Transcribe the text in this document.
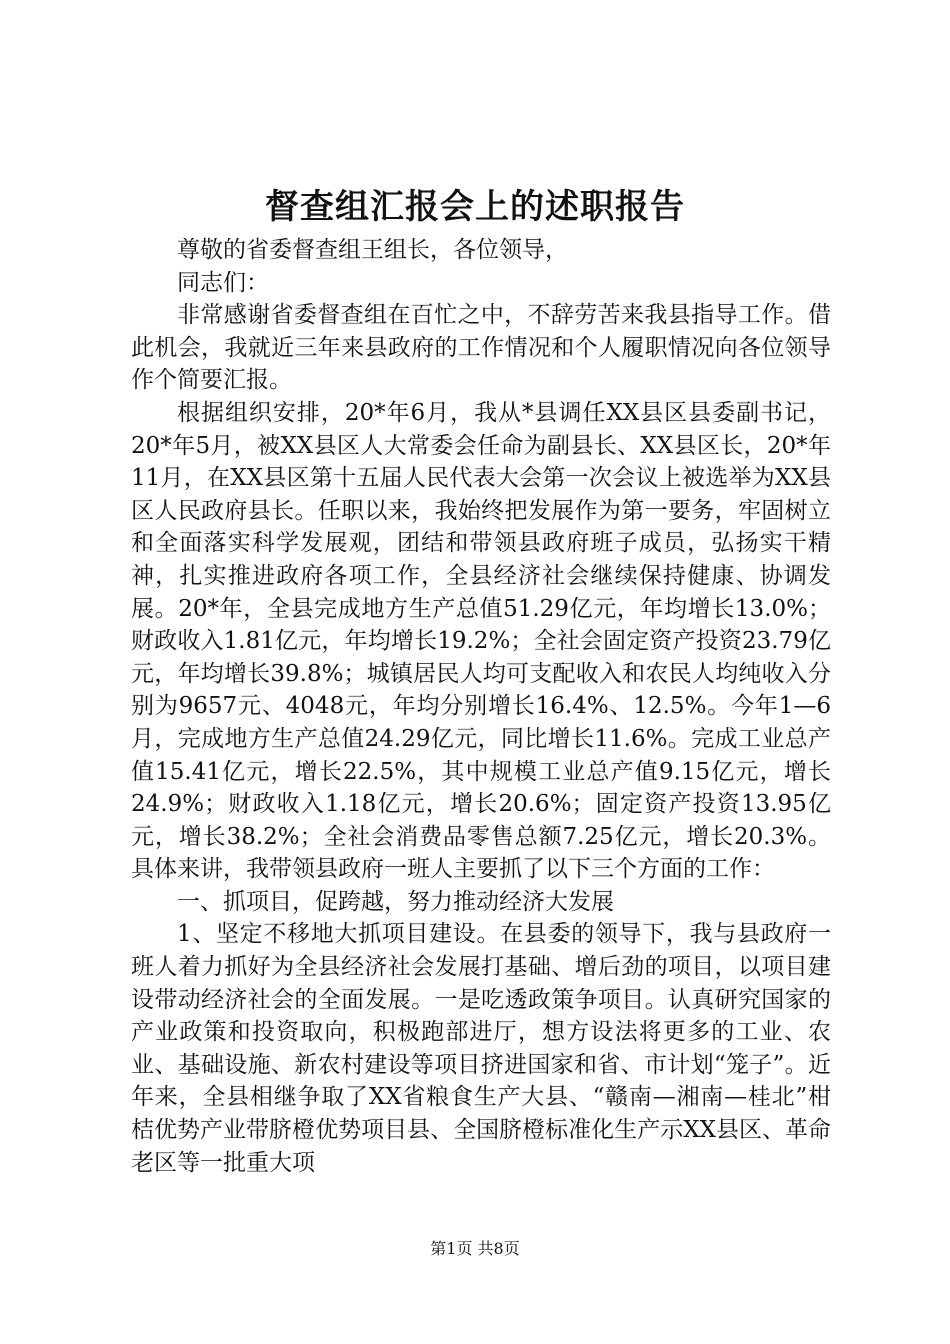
督查组汇报会上的述职报告

尊敬的省委督查组王组长，各位领导，

同志们：

非常感谢省委督查组在百忙之中，不辞劳苦来我县指导工作。借此机会，我就近三年来县政府的工作情况和个人履职情况向各位领导作个简要汇报。

根据组织安排，20*年6月，我从*县调任XX县区县委副书记，20*年5月，被XX县区人大常委会任命为副县长、XX县区长，20*年11月，在XX县区第十五届人民代表大会第一次会议上被选举为XX县区人民政府县长。任职以来，我始终把发展作为第一要务，牢固树立和全面落实科学发展观，团结和带领县政府班子成员，弘扬实干精神，扎实推进政府各项工作，全县经济社会继续保持健康、协调发展。20*年，全县完成地方生产总值51.29亿元，年均增长13.0%；财政收入1.81亿元，年均增长19.2%；全社会固定资产投资23.79亿元，年均增长39.8%；城镇居民人均可支配收入和农民人均纯收入分别为9657元、4048元，年均分别增长16.4%、12.5%。今年1—6月，完成地方生产总值24.29亿元，同比增长11.6%。完成工业总产值15.41亿元，增长22.5%，其中规模工业总产值9.15亿元，增长24.9%；财政收入1.18亿元，增长20.6%；固定资产投资13.95亿元，增长38.2%；全社会消费品零售总额7.25亿元，增长20.3%。具体来讲，我带领县政府一班人主要抓了以下三个方面的工作：

一、抓项目，促跨越，努力推动经济大发展

1、坚定不移地大抓项目建设。在县委的领导下，我与县政府一班人着力抓好为全县经济社会发展打基础、增后劲的项目，以项目建设带动经济社会的全面发展。一是吃透政策争项目。认真研究国家的产业政策和投资取向，积极跑部进厅，想方设法将更多的工业、农业、基础设施、新农村建设等项目挤进国家和省、市计划“笼子”。近年来，全县相继争取了XX省粮食生产大县、“赣南—湘南—桂北”柑桔优势产业带脐橙优势项目县、全国脐橙标准化生产示XX县区、革命老区等一批重大项

第1页 共8页
